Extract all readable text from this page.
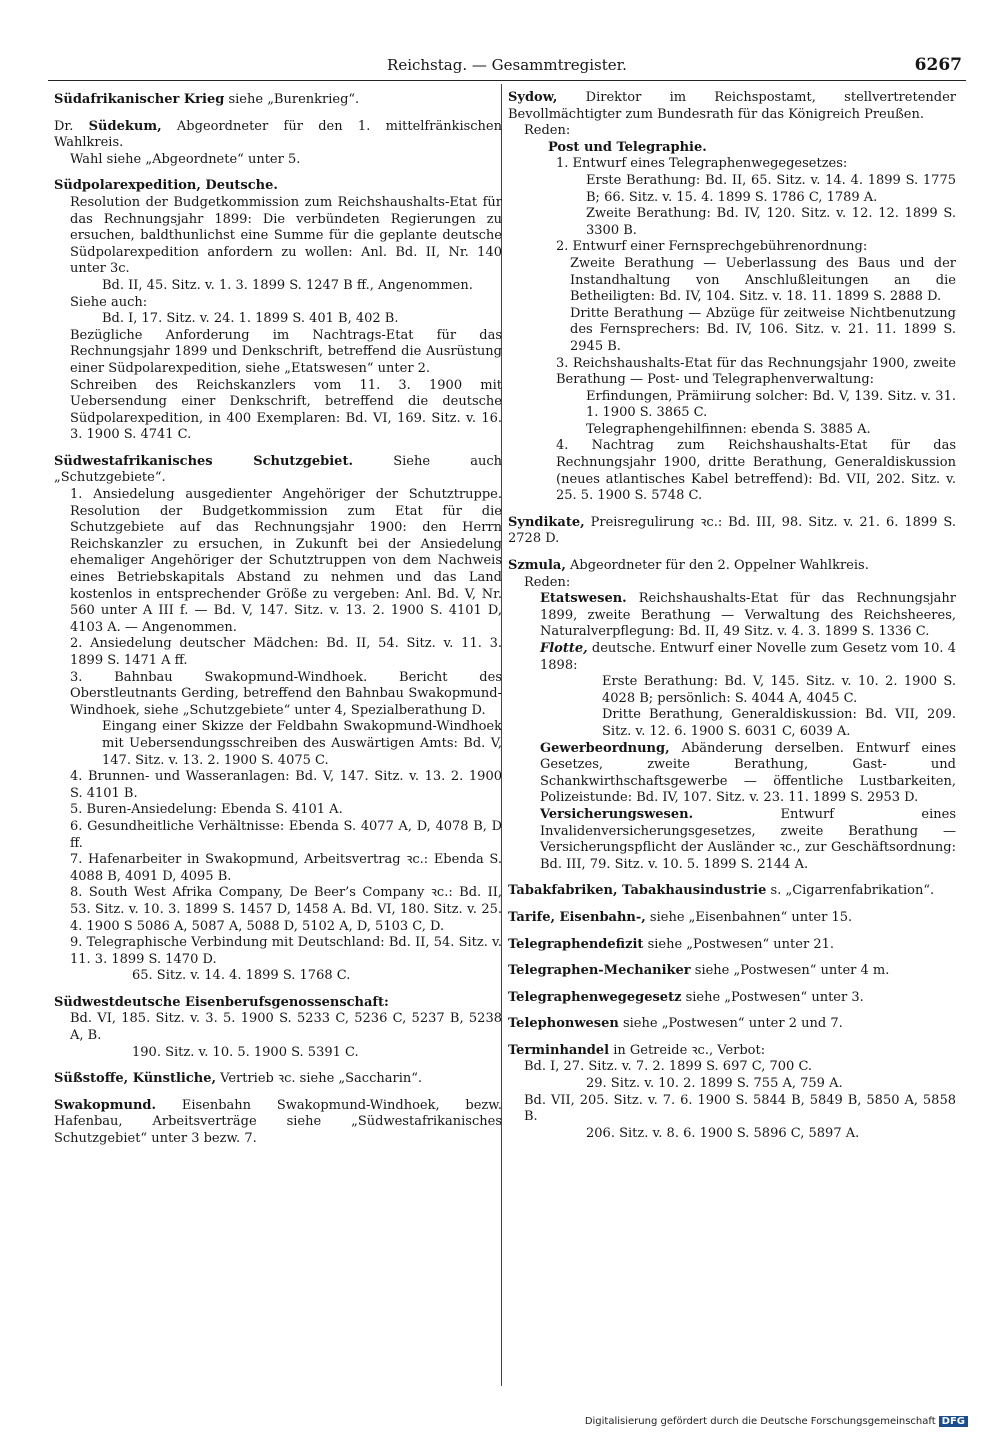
Reichstag. — Gesammtregister.	6267
Südafrikanischer Krieg siehe „Burenkrieg“.
Dr. Südekum, Abgeordneter für den 1. mittelfränkischen Wahlkreis.
Wahl siehe „Abgeordnete“ unter 5.
Südpolarexpedition, Deutsche.
Resolution der Budgetkommission zum Reichshaushalts-Etat für das Rechnungsjahr 1899: Die verbündeten Regierungen zu ersuchen, baldthunlichst eine Summe für die geplante deutsche Südpolarexpedition anfordern zu wollen: Anl. Bd. II, Nr. 140 unter 3c.
Bd. II, 45. Sitz. v. 1. 3. 1899 S. 1247 B ff., Angenommen.
Siehe auch:
Bd. I, 17. Sitz. v. 24. 1. 1899 S. 401 B, 402 B.
Bezügliche Anforderung im Nachtrags-Etat für das Rechnungsjahr 1899 und Denkschrift, betreffend die Ausrüstung einer Südpolarexpedition, siehe „Etatswesen“ unter 2.
Schreiben des Reichskanzlers vom 11. 3. 1900 mit Uebersendung einer Denkschrift, betreffend die deutsche Südpolarexpedition, in 400 Exemplaren: Bd. VI, 169. Sitz. v. 16. 3. 1900 S. 4741 C.
Südwestafrikanisches Schutzgebiet. Siehe auch „Schutzgebiete“.
1. Ansiedelung ausgedienter Angehöriger der Schutztruppe. Resolution der Budgetkommission zum Etat für die Schutzgebiete auf das Rechnungsjahr 1900: den Herrn Reichskanzler zu ersuchen, in Zukunft bei der Ansiedelung ehemaliger Angehöriger der Schutztruppen von dem Nachweis eines Betriebskapitals Abstand zu nehmen und das Land kostenlos in entsprechender Größe zu vergeben: Anl. Bd. V, Nr. 560 unter A III f. — Bd. V, 147. Sitz. v. 13. 2. 1900 S. 4101 D, 4103 A. — Angenommen.
2. Ansiedelung deutscher Mädchen: Bd. II, 54. Sitz. v. 11. 3. 1899 S. 1471 A ff.
3. Bahnbau Swakopmund-Windhoek. Bericht des Oberstleutnants Gerding, betreffend den Bahnbau Swakopmund-Windhoek, siehe „Schutzgebiete“ unter 4, Spezialberathung D.
Eingang einer Skizze der Feldbahn Swakopmund-Windhoek mit Uebersendungsschreiben des Auswärtigen Amts: Bd. V, 147. Sitz. v. 13. 2. 1900 S. 4075 C.
4. Brunnen- und Wasseranlagen: Bd. V, 147. Sitz. v. 13. 2. 1900 S. 4101 B.
5. Buren-Ansiedelung: Ebenda S. 4101 A.
6. Gesundheitliche Verhältnisse: Ebenda S. 4077 A, D, 4078 B, D ff.
7. Hafenarbeiter in Swakopmund, Arbeitsvertrag ꝛc.: Ebenda S. 4088 B, 4091 D, 4095 B.
8. South West Afrika Company, De Beer’s Company ꝛc.: Bd. II, 53. Sitz. v. 10. 3. 1899 S. 1457 D, 1458 A. Bd. VI, 180. Sitz. v. 25. 4. 1900 S 5086 A, 5087 A, 5088 D, 5102 A, D, 5103 C, D.
9. Telegraphische Verbindung mit Deutschland: Bd. II, 54. Sitz. v. 11. 3. 1899 S. 1470 D.
65. Sitz. v. 14. 4. 1899 S. 1768 C.
Südwestdeutsche Eisenberufsgenossenschaft:
Bd. VI, 185. Sitz. v. 3. 5. 1900 S. 5233 C, 5236 C, 5237 B, 5238 A, B.
190. Sitz. v. 10. 5. 1900 S. 5391 C.
Süßstoffe, Künstliche, Vertrieb ꝛc. siehe „Saccharin“.
Swakopmund. Eisenbahn Swakopmund-Windhoek, bezw. Hafenbau, Arbeitsverträge siehe „Südwestafrikanisches Schutzgebiet“ unter 3 bezw. 7.
Sydow, Direktor im Reichspostamt, stellvertretender Bevollmächtigter zum Bundesrath für das Königreich Preußen.
Reden:
Post und Telegraphie.
1. Entwurf eines Telegraphenwegegesetzes:
Erste Berathung: Bd. II, 65. Sitz. v. 14. 4. 1899 S. 1775 B; 66. Sitz. v. 15. 4. 1899 S. 1786 C, 1789 A.
Zweite Berathung: Bd. IV, 120. Sitz. v. 12. 12. 1899 S. 3300 B.
2. Entwurf einer Fernsprechgebührenordnung:
Zweite Berathung — Ueberlassung des Baus und der Instandhaltung von Anschlußleitungen an die Betheiligten: Bd. IV, 104. Sitz. v. 18. 11. 1899 S. 2888 D.
Dritte Berathung — Abzüge für zeitweise Nichtbenutzung des Fernsprechers: Bd. IV, 106. Sitz. v. 21. 11. 1899 S. 2945 B.
3. Reichshaushalts-Etat für das Rechnungsjahr 1900, zweite Berathung — Post- und Telegraphenverwaltung:
Erfindungen, Prämiirung solcher: Bd. V, 139. Sitz. v. 31. 1. 1900 S. 3865 C.
Telegraphengehilfinnen: ebenda S. 3885 A.
4. Nachtrag zum Reichshaushalts-Etat für das Rechnungsjahr 1900, dritte Berathung, Generaldiskussion (neues atlantisches Kabel betreffend): Bd. VII, 202. Sitz. v. 25. 5. 1900 S. 5748 C.
Syndikate, Preisregulirung ꝛc.: Bd. III, 98. Sitz. v. 21. 6. 1899 S. 2728 D.
Szmula, Abgeordneter für den 2. Oppelner Wahlkreis.
Reden:
Etatswesen. Reichshaushalts-Etat für das Rechnungsjahr 1899, zweite Berathung — Verwaltung des Reichsheeres, Naturalverpflegung: Bd. II, 49 Sitz. v. 4. 3. 1899 S. 1336 C.
Flotte, deutsche. Entwurf einer Novelle zum Gesetz vom 10. 4 1898:
Erste Berathung: Bd. V, 145. Sitz. v. 10. 2. 1900 S. 4028 B; persönlich: S. 4044 A, 4045 C.
Dritte Berathung, Generaldiskussion: Bd. VII, 209. Sitz. v. 12. 6. 1900 S. 6031 C, 6039 A.
Gewerbeordnung, Abänderung derselben. Entwurf eines Gesetzes, zweite Berathung, Gast- und Schankwirthschaftsgewerbe — öffentliche Lustbarkeiten, Polizeistunde: Bd. IV, 107. Sitz. v. 23. 11. 1899 S. 2953 D.
Versicherungswesen. Entwurf eines Invalidenversicherungsgesetzes, zweite Berathung — Versicherungspflicht der Ausländer ꝛc., zur Geschäftsordnung: Bd. III, 79. Sitz. v. 10. 5. 1899 S. 2144 A.
Tabakfabriken, Tabakhausindustrie s. „Cigarrenfabrikation“.
Tarife, Eisenbahn-, siehe „Eisenbahnen“ unter 15.
Telegraphendefizit siehe „Postwesen“ unter 21.
Telegraphen-Mechaniker siehe „Postwesen“ unter 4 m.
Telegraphenwegegesetz siehe „Postwesen“ unter 3.
Telephonwesen siehe „Postwesen“ unter 2 und 7.
Terminhandel in Getreide ꝛc., Verbot:
Bd. I, 27. Sitz. v. 7. 2. 1899 S. 697 C, 700 C.
29. Sitz. v. 10. 2. 1899 S. 755 A, 759 A.
Bd. VII, 205. Sitz. v. 7. 6. 1900 S. 5844 B, 5849 B, 5850 A, 5858 B.
206. Sitz. v. 8. 6. 1900 S. 5896 C, 5897 A.
Digitalisierung gefördert durch die Deutsche Forschungsgemeinschaft DFG
